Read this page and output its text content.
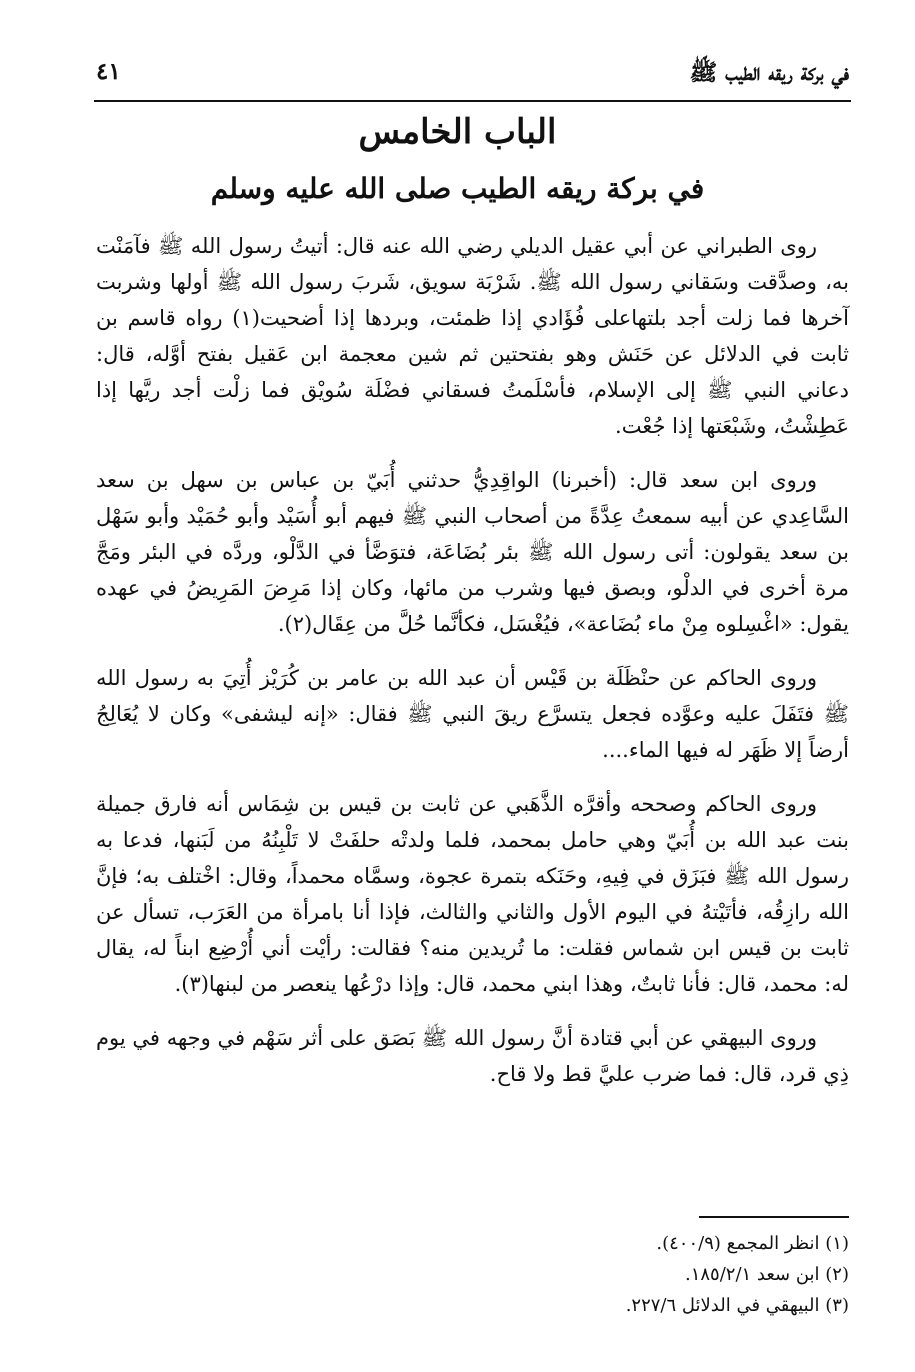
في بركة ريقه الطيب ﷺ
٤١
الباب الخامس
في بركة ريقه الطيب صلى الله عليه وسلم

روى الطبراني عن أبي عقيل الديلي رضي الله عنه قال: أتيتُ رسول الله ﷺ فآمَنْت به، وصدَّقت وسَقاني رسول الله ﷺ. شَرْبَة سويق، شَربَ رسول الله ﷺ أولها وشربت آخرها فما زلت أجد بلتهاعلى فُؤَادي إذا ظمئت، وبردها إذا أضحيت(١) رواه قاسم بن ثابت في الدلائل عن حَنَش وهو بفتحتين ثم شين معجمة ابن عَقيل بفتح أوَّله، قال: دعاني النبي ﷺ إلى الإسلام، فأسْلَمتُ فسقاني فضْلَة سُويْق فما زلْت أجد ريَّها إذا عَطِشْتُ، وشَبْعَتها إذا جُعْت.

وروى ابن سعد قال: (أخبرنا) الواقِدِيُّ حدثني أُبَيّ بن عباس بن سهل بن سعد السَّاعِدي عن أبيه سمعتُ عِدَّةً من أصحاب النبي ﷺ فيهم أبو أُسَيْد وأبو حُمَيْد وأبو سَهْل بن سعد يقولون: أتى رسول الله ﷺ بئر بُضَاعَة، فتوَضَّأ في الدَّلْو، وردَّه في البئر ومَجَّ مرة أخرى في الدلْو، وبصق فيها وشرب من مائها، وكان إذا مَرِضَ المَرِيضُ في عهده يقول: «اغْسِلوه مِنْ ماء بُضَاعة»، فيُغْسَل، فكأنَّما حُلَّ من عِقَال(٢).

وروى الحاكم عن حنْظَلَة بن قَيْس أن عبد الله بن عامر بن كُرَيْز أُتِيَ به رسول الله ﷺ فتَفَلَ عليه وعوَّده فجعل يتسرَّع ريقَ النبي ﷺ فقال: «إنه ليشفى» وكان لا يُعَالِجُ أرضاً إلا ظَهَر له فيها الماء....

وروى الحاكم وصححه وأقرَّه الذَّهَبي عن ثابت بن قيس بن شِمَاس أنه فارق جميلة بنت عبد الله بن أُبَيّ وهي حامل بمحمد، فلما ولدتْه حلفَتْ لا تَلْبِنُهُ من لَبَنها، فدعا به رسول الله ﷺ فبَزَق في فِيهِ، وحَنَكه بتمرة عجوة، وسمَّاه محمداً، وقال: اخْتلف به؛ فإنَّ الله رازِقُه، فأتَيْتهُ في اليوم الأول والثاني والثالث، فإذا أنا بامرأة من العَرَب، تسأل عن ثابت بن قيس ابن شماس فقلت: ما تُريدين منه؟ فقالت: رأيْت أني أُرْضِع ابناً له، يقال له: محمد، قال: فأنا ثابتٌ، وهذا ابني محمد، قال: وإذا درْعُها ينعصر من لبنها(٣).

وروى البيهقي عن أبي قتادة أنَّ رسول الله ﷺ بَصَق على أثر سَهْم في وجهه في يوم ذِي قرد، قال: فما ضرب عليَّ قط ولا قاح.

(١) انظر المجمع (٤٠٠/٩).

(٢) ابن سعد ١٨٥/٢/١.

(٣) البيهقي في الدلائل ٢٢٧/٦.
